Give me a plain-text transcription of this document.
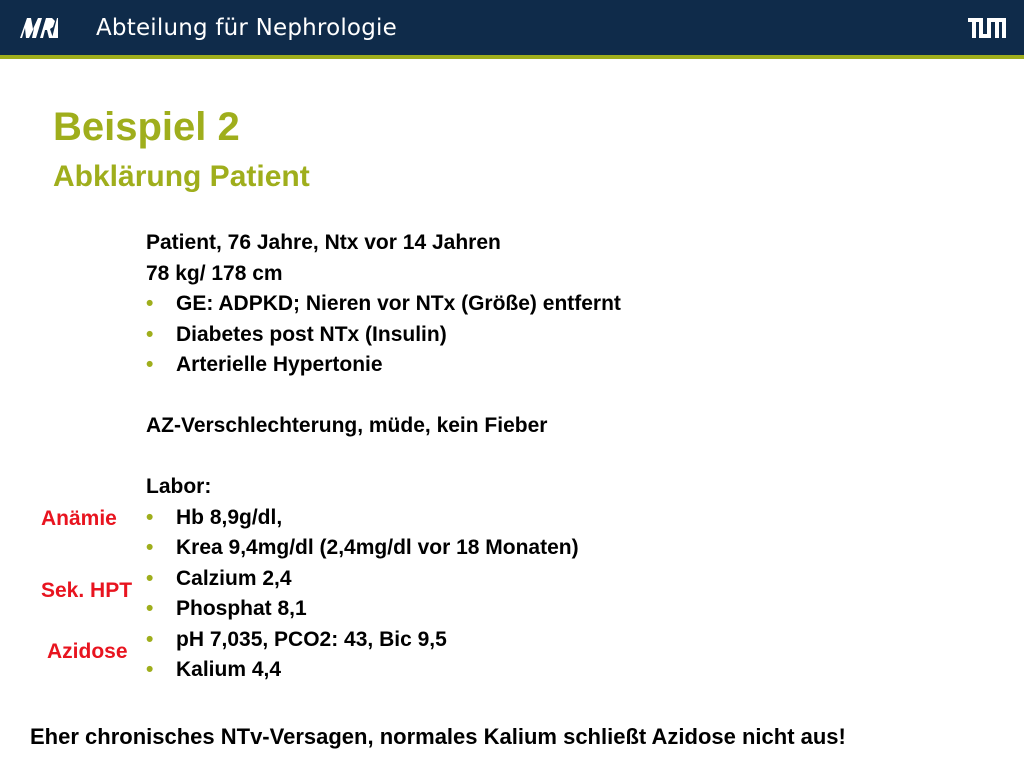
Abteilung für Nephrologie
Beispiel 2
Abklärung Patient
Patient, 76 Jahre, Ntx vor 14 Jahren
78 kg/ 178 cm
• GE: ADPKD; Nieren vor NTx (Größe) entfernt
• Diabetes post NTx (Insulin)
• Arterielle Hypertonie
AZ-Verschlechterung, müde, kein Fieber
Labor:
• Hb 8,9g/dl,
• Krea 9,4mg/dl (2,4mg/dl vor 18 Monaten)
• Calzium 2,4
• Phosphat 8,1
• pH 7,035, PCO2: 43, Bic 9,5
• Kalium 4,4
Anämie
Sek. HPT
Azidose
Eher chronisches NTv-Versagen, normales Kalium schließt Azidose nicht aus!
